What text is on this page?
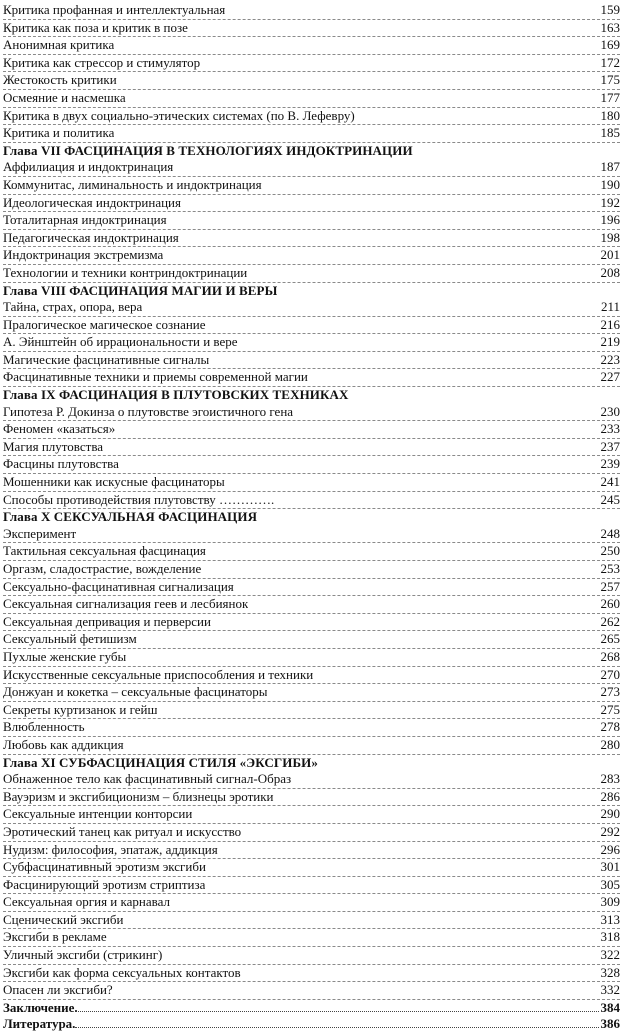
Критика профанная и интеллектуальная	159
Критика как поза и критик в позе	163
Анонимная критика	169
Критика как стрессор и стимулятор	172
Жестокость критики	175
Осмеяние и насмешка	177
Критика в двух социально-этических системах (по В. Лефевру)	180
Критика и политика	185
Глава VII ФАСЦИНАЦИЯ В ТЕХНОЛОГИЯХ ИНДОКТРИНАЦИИ
Аффилиация и индоктринация	187
Коммунитас, лиминальность и индоктринация	190
Идеологическая индоктринация	192
Тоталитарная индоктринация	196
Педагогическая индоктринация	198
Индоктринация экстремизма	201
Технологии и техники контриндоктринации	208
Глава VIII ФАСЦИНАЦИЯ МАГИИ И ВЕРЫ
Тайна, страх, опора, вера	211
Пралогическое магическое сознание	216
А. Эйнштейн об иррациональности и вере	219
Магические фасцинативные сигналы	223
Фасцинативные техники и приемы современной магии	227
Глава IX ФАСЦИНАЦИЯ В ПЛУТОВСКИХ ТЕХНИКАХ
Гипотеза Р. Докинза о плутовстве эгоистичного гена	230
Феномен «казаться»	233
Магия плутовства	237
Фасцины плутовства	239
Мошенники как искусные фасцинаторы	241
Способы противодействия плутовству ………….	245
Глава X СЕКСУАЛЬНАЯ ФАСЦИНАЦИЯ
Эксперимент	248
Тактильная сексуальная фасцинация	250
Оргазм, сладострастие, вожделение	253
Сексуально-фасцинативная сигнализация	257
Сексуальная сигнализация геев и лесбиянок	260
Сексуальная депривация и перверсии	262
Сексуальный фетишизм	265
Пухлые женские губы	268
Искусственные сексуальные приспособления и техники	270
Донжуан и кокетка – сексуальные фасцинаторы	273
Секреты куртизанок и гейш	275
Влюбленность	278
Любовь как аддикция	280
Глава XI СУБФАСЦИНАЦИЯ СТИЛЯ «ЭКСГИБИ»
Обнаженное тело как фасцинативный сигнал-Образ	283
Вауэризм и эксгибиционизм – близнецы эротики	286
Сексуальные интенции конторсии	290
Эротический танец как ритуал и искусство	292
Нудизм: философия, эпатаж, аддикция	296
Субфасцинативный эротизм эксгиби	301
Фасцинирующий эротизм стриптиза	305
Сексуальная оргия и карнавал	309
Сценический эксгиби	313
Эксгиби в рекламе	318
Уличный эксгиби (стрикинг)	322
Эксгиби как форма сексуальных контактов	328
Опасен ли эксгиби?	332
Заключение.	384
Литература.	386
